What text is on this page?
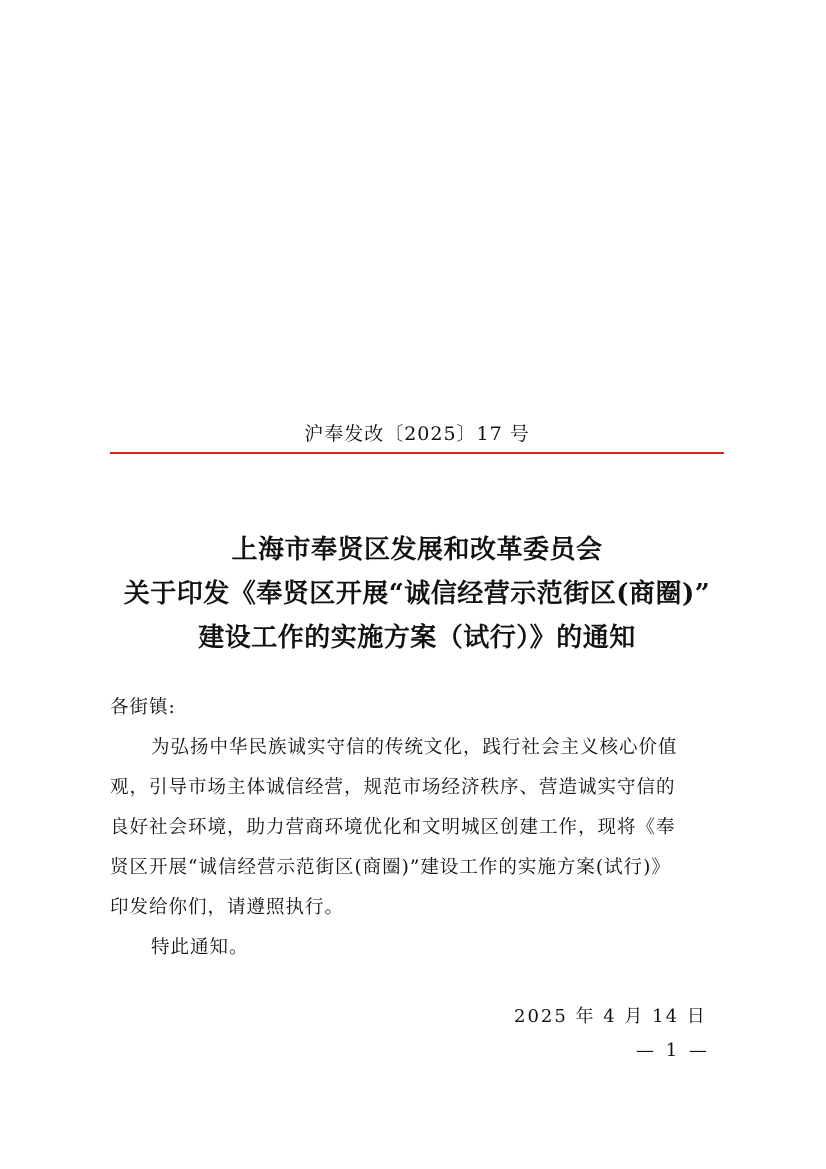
沪奉发改〔2025〕17 号
上海市奉贤区发展和改革委员会
关于印发《奉贤区开展“诚信经营示范街区(商圈)”
建设工作的实施方案（试行）》的通知
各街镇:
为弘扬中华民族诚实守信的传统文化，践行社会主义核心价值
观，引导市场主体诚信经营，规范市场经济秩序、营造诚实守信的
良好社会环境，助力营商环境优化和文明城区创建工作，现将《奉
贤区开展“诚信经营示范街区(商圈)”建设工作的实施方案(试行)》
印发给你们，请遵照执行。
特此通知。
2025 年 4 月 14 日
— 1 —
